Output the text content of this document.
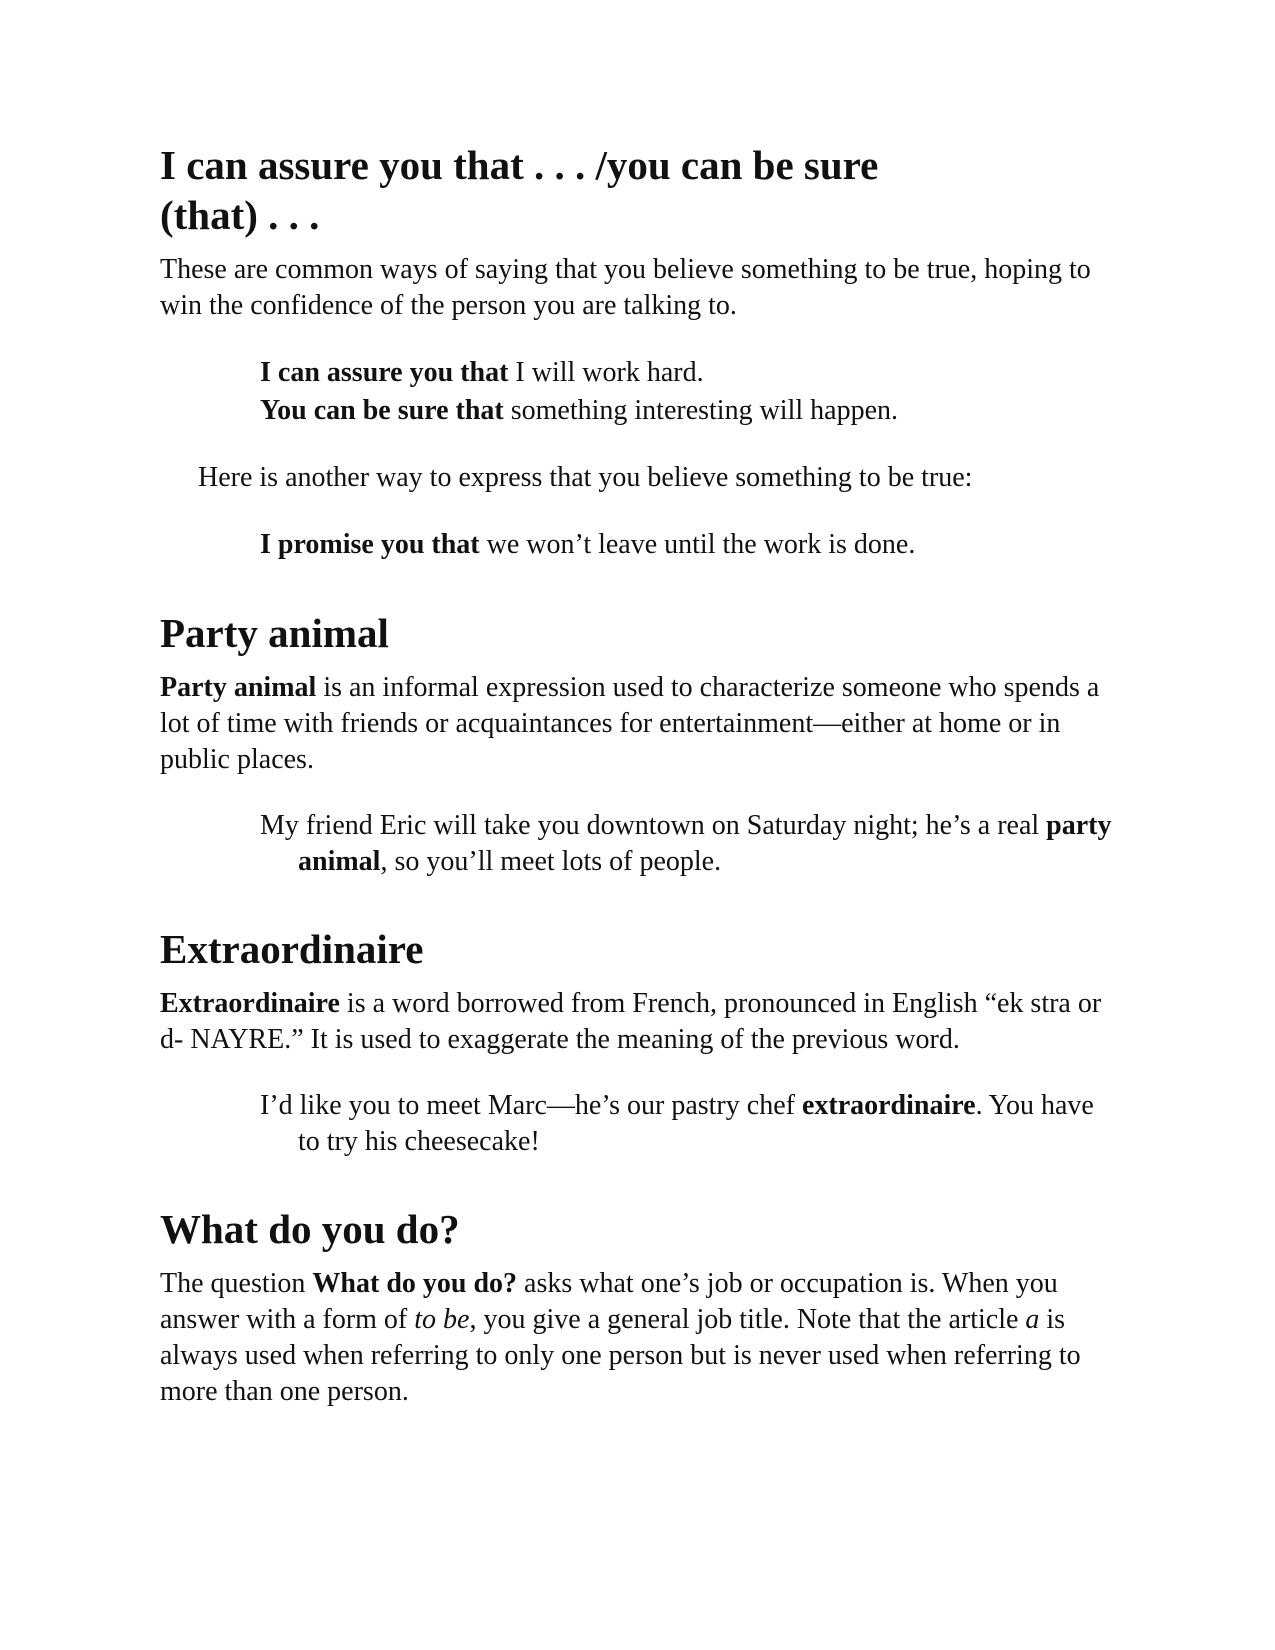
I can assure you that . . . /you can be sure (that) . . .

These are common ways of saying that you believe something to be true, hoping to win the confidence of the person you are talking to.

I can assure you that I will work hard.

You can be sure that something interesting will happen.

Here is another way to express that you believe something to be true:

I promise you that we won’t leave until the work is done.

Party animal

Party animal is an informal expression used to characterize someone who spends a lot of time with friends or acquaintances for entertainment—either at home or in public places.

My friend Eric will take you downtown on Saturday night; he’s a real party animal, so you’ll meet lots of people.

Extraordinaire

Extraordinaire is a word borrowed from French, pronounced in English “ek stra or d- NAYRE.” It is used to exaggerate the meaning of the previous word.

I’d like you to meet Marc—he’s our pastry chef extraordinaire. You have to try his cheesecake!

What do you do?

The question What do you do? asks what one’s job or occupation is. When you answer with a form of to be, you give a general job title. Note that the article a is always used when referring to only one person but is never used when referring to more than one person.
